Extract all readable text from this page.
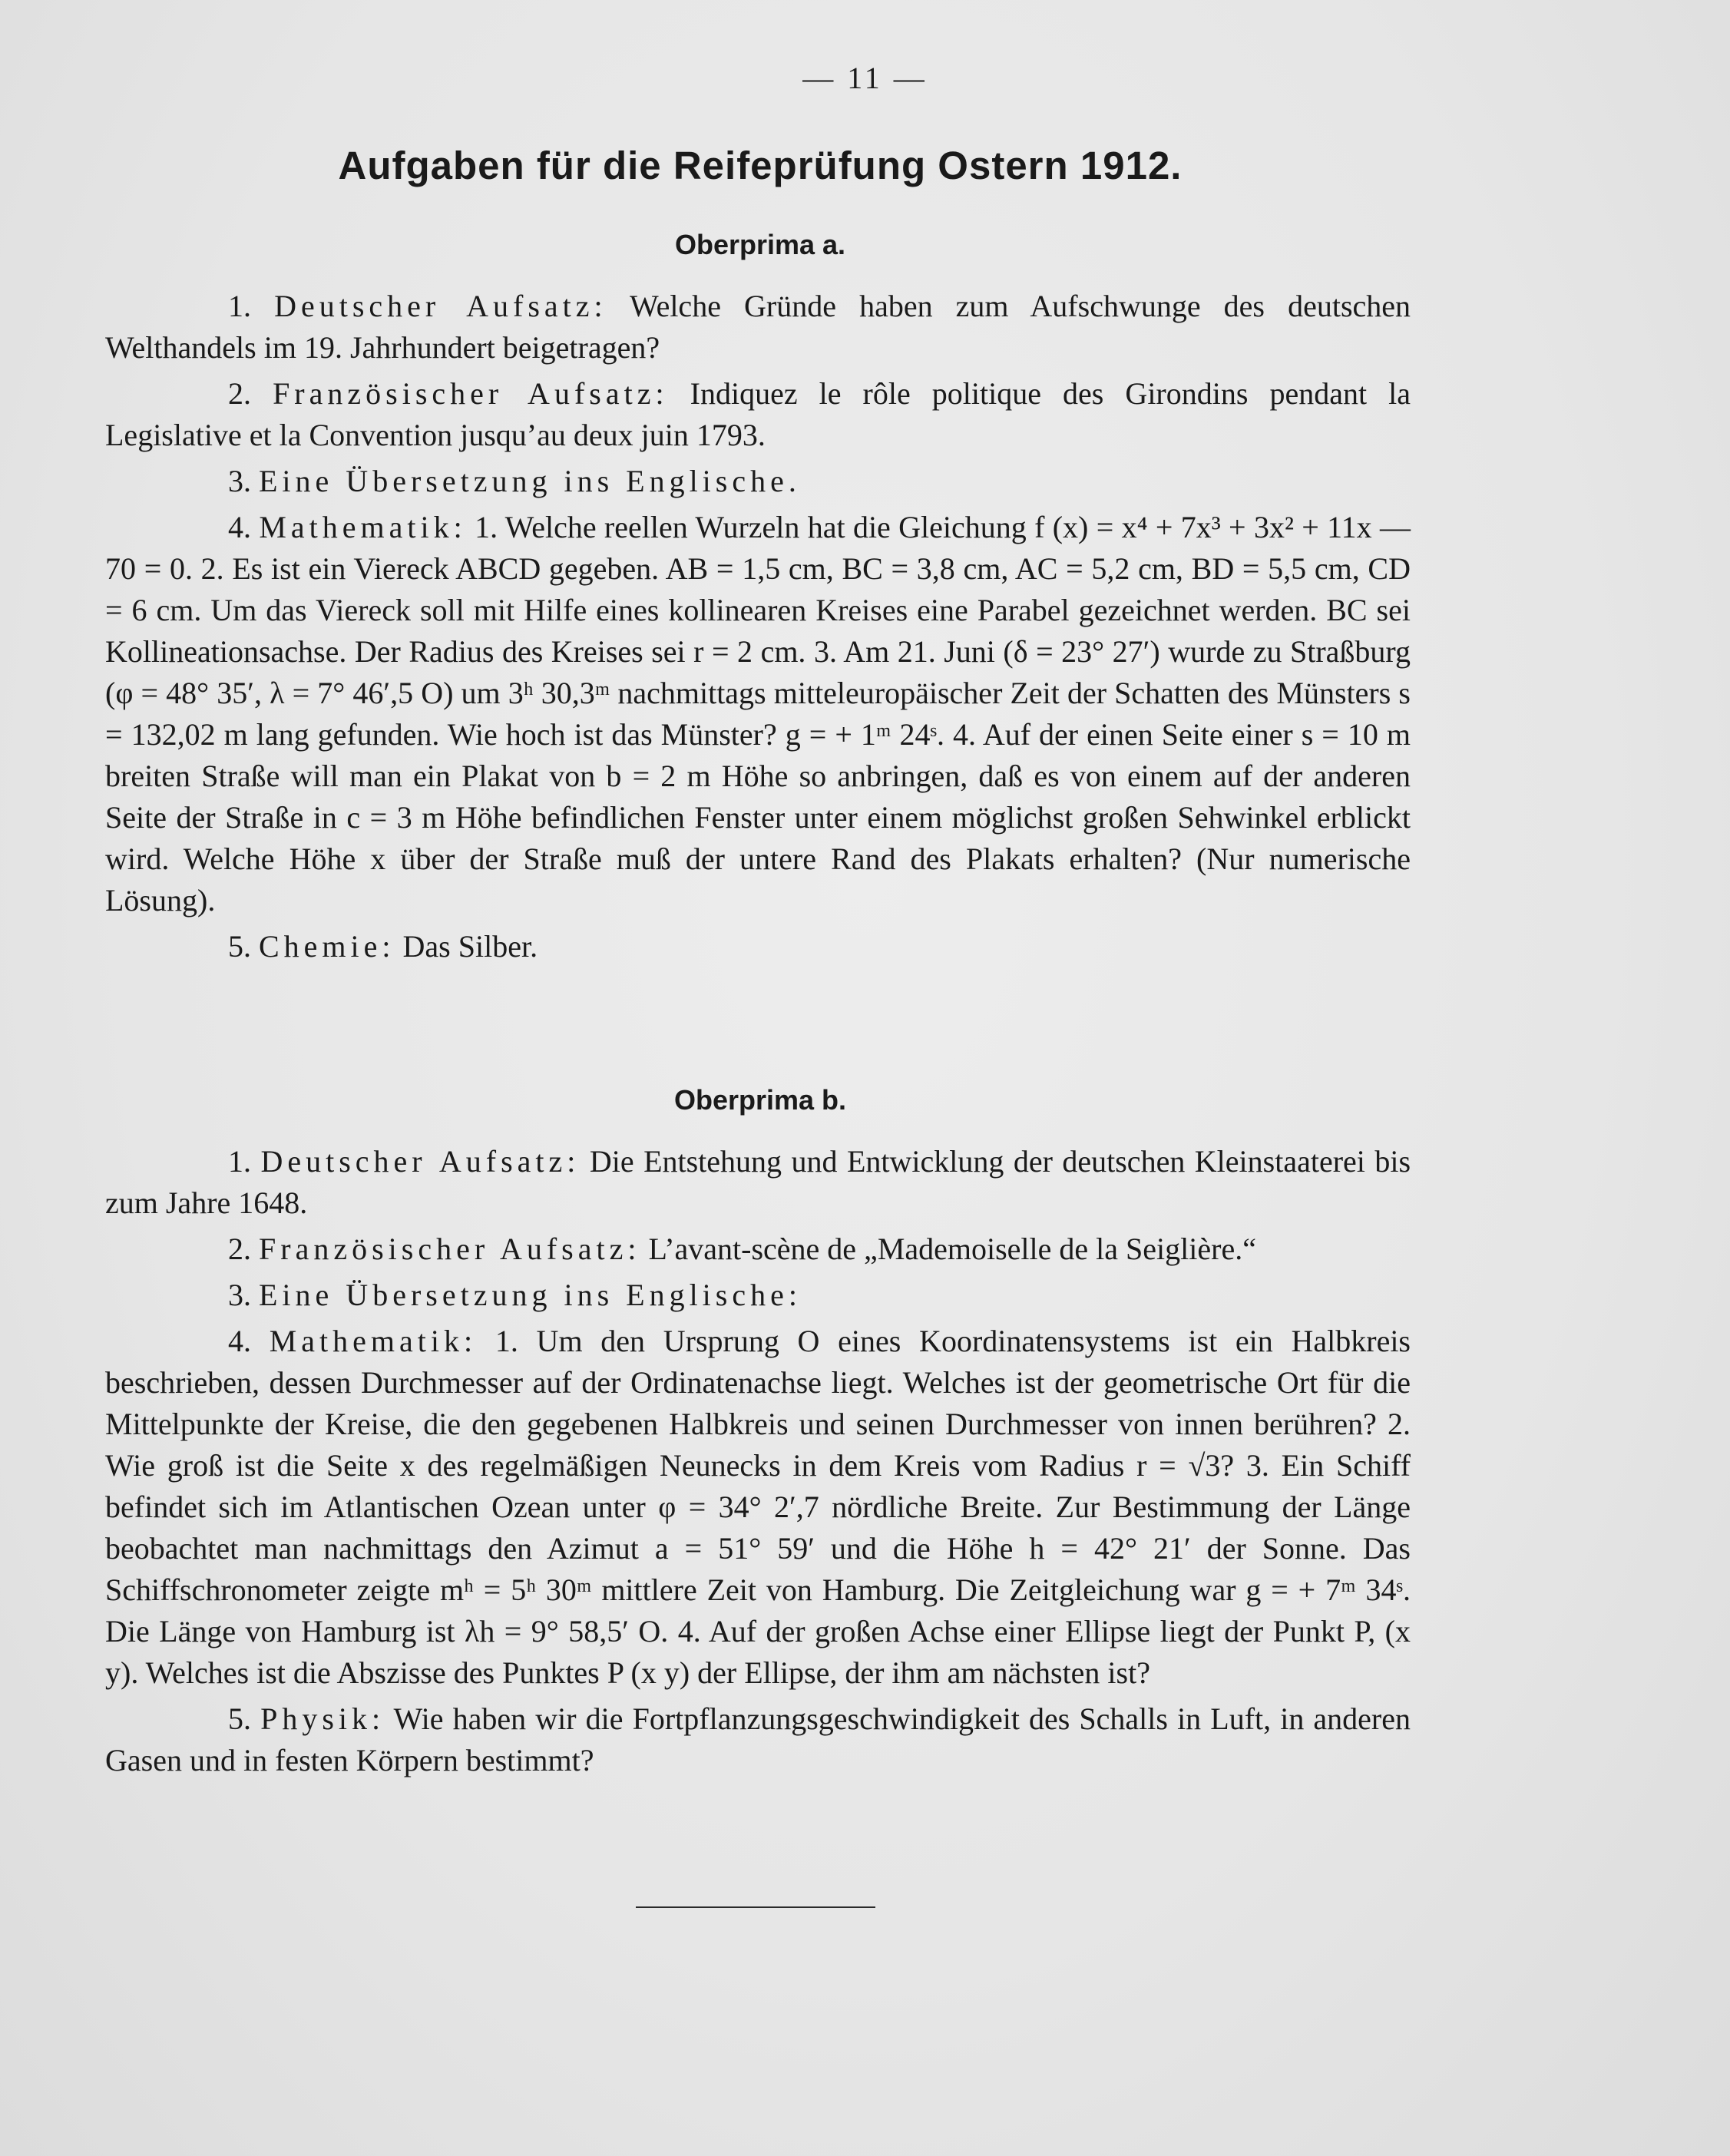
— 11 —
Aufgaben für die Reifeprüfung Ostern 1912.
Oberprima a.

1. Deutscher Aufsatz: Welche Gründe haben zum Aufschwunge des deutschen Welthandels im 19. Jahrhundert beigetragen?

2. Französischer Aufsatz: Indiquez le rôle politique des Girondins pendant la Legislative et la Convention jusqu’au deux juin 1793.

3. Eine Übersetzung ins Englische.

4. Mathematik: 1. Welche reellen Wurzeln hat die Gleichung f (x) = x⁴ + 7x³ + 3x² + 11x — 70 = 0. 2. Es ist ein Viereck ABCD gegeben. AB = 1,5 cm, BC = 3,8 cm, AC = 5,2 cm, BD = 5,5 cm, CD = 6 cm. Um das Viereck soll mit Hilfe eines kollinearen Kreises eine Parabel gezeichnet werden. BC sei Kollineationsachse. Der Radius des Kreises sei r = 2 cm. 3. Am 21. Juni (δ = 23° 27′) wurde zu Straßburg (φ = 48° 35′, λ = 7° 46′,5 O) um 3ʰ 30,3ᵐ nachmittags mitteleuropäischer Zeit der Schatten des Münsters s = 132,02 m lang gefunden. Wie hoch ist das Münster? g = + 1ᵐ 24ˢ. 4. Auf der einen Seite einer s = 10 m breiten Straße will man ein Plakat von b = 2 m Höhe so anbringen, daß es von einem auf der anderen Seite der Straße in c = 3 m Höhe befindlichen Fenster unter einem möglichst großen Sehwinkel erblickt wird. Welche Höhe x über der Straße muß der untere Rand des Plakats erhalten? (Nur numerische Lösung).

5. Chemie: Das Silber.

Oberprima b.

1. Deutscher Aufsatz: Die Entstehung und Entwicklung der deutschen Kleinstaaterei bis zum Jahre 1648.

2. Französischer Aufsatz: L’avant-scène de „Mademoiselle de la Seiglière.“

3. Eine Übersetzung ins Englische:

4. Mathematik: 1. Um den Ursprung O eines Koordinatensystems ist ein Halbkreis beschrieben, dessen Durchmesser auf der Ordinatenachse liegt. Welches ist der geometrische Ort für die Mittelpunkte der Kreise, die den gegebenen Halbkreis und seinen Durchmesser von innen berühren? 2. Wie groß ist die Seite x des regelmäßigen Neunecks in dem Kreis vom Radius r = √3? 3. Ein Schiff befindet sich im Atlantischen Ozean unter φ = 34° 2′,7 nördliche Breite. Zur Bestimmung der Länge beobachtet man nachmittags den Azimut a = 51° 59′ und die Höhe h = 42° 21′ der Sonne. Das Schiffschronometer zeigte mʰ = 5ʰ 30ᵐ mittlere Zeit von Hamburg. Die Zeitgleichung war g = + 7ᵐ 34ˢ. Die Länge von Hamburg ist λh = 9° 58,5′ O. 4. Auf der großen Achse einer Ellipse liegt der Punkt P, (x y). Welches ist die Abszisse des Punktes P (x y) der Ellipse, der ihm am nächsten ist?

5. Physik: Wie haben wir die Fortpflanzungsgeschwindigkeit des Schalls in Luft, in anderen Gasen und in festen Körpern bestimmt?
